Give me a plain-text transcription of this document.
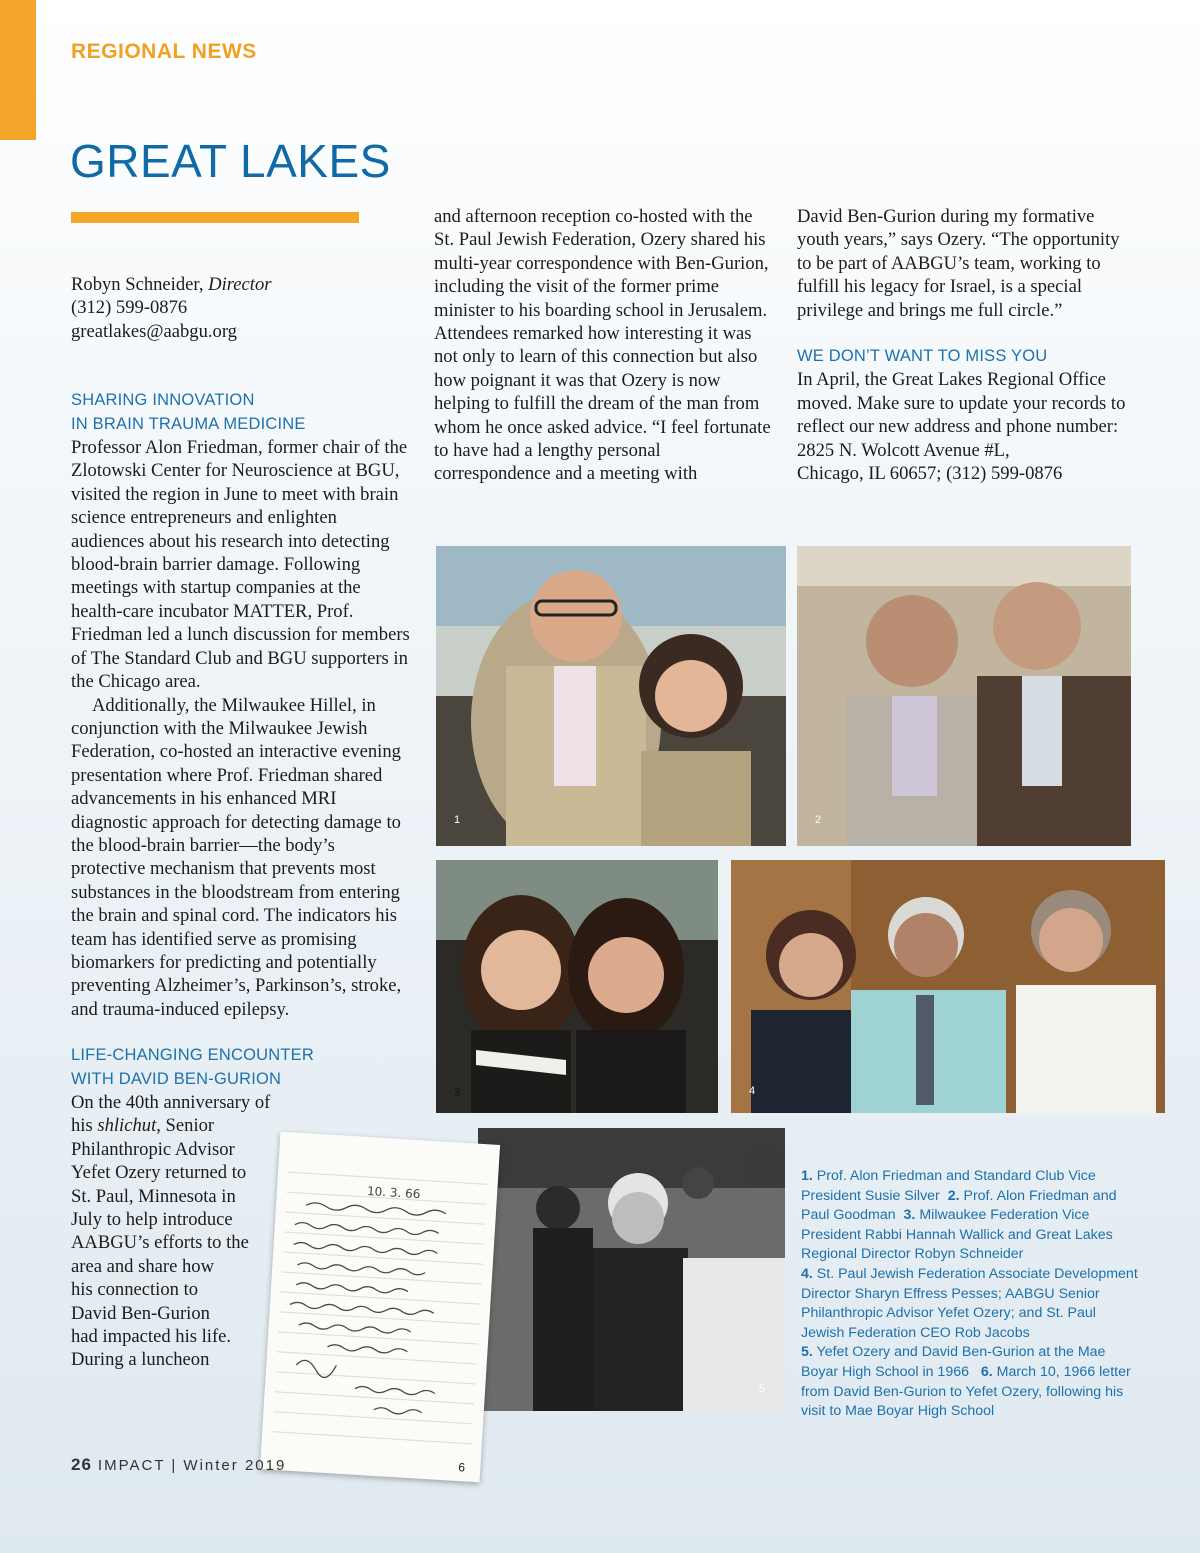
REGIONAL NEWS
GREAT LAKES

Robyn Schneider, Director

(312) 599-0876

greatlakes@aabgu.org

SHARING INNOVATION
IN BRAIN TRAUMA MEDICINE

Professor Alon Friedman, former chair of the Zlotowski Center for Neuroscience at BGU, visited the region in June to meet with brain science entrepreneurs and enlighten audiences about his research into detecting blood-brain barrier damage. Following meetings with startup companies at the health-care incubator MATTER, Prof. Friedman led a lunch discussion for members of The Standard Club and BGU supporters in the Chicago area.

Additionally, the Milwaukee Hillel, in conjunction with the Milwaukee Jewish Federation, co-hosted an interactive evening presentation where Prof. Friedman shared advancements in his enhanced MRI diagnostic approach for detecting damage to the blood-brain barrier—the body’s protective mechanism that prevents most substances in the bloodstream from entering the brain and spinal cord. The indicators his team has identified serve as promising biomarkers for predicting and potentially preventing Alzheimer’s, Parkinson’s, stroke, and trauma-induced epilepsy.

LIFE-CHANGING ENCOUNTER
WITH DAVID BEN-GURION
On the 40th anniversary of
his shlichut, Senior
Philanthropic Advisor
Yefet Ozery returned to
St. Paul, Minnesota in
July to help introduce
AABGU’s efforts to the
area and share how
his connection to
David Ben-Gurion
had impacted his life.
During a luncheon

and afternoon reception co-hosted with the St. Paul Jewish Federation, Ozery shared his multi-year correspondence with Ben-Gurion, including the visit of the former prime minister to his boarding school in Jerusalem. Attendees remarked how interesting it was not only to learn of this connection but also how poignant it was that Ozery is now helping to fulfill the dream of the man from whom he once asked advice. “I feel fortunate to have had a lengthy personal correspondence and a meeting with

David Ben-Gurion during my formative youth years,” says Ozery. “The opportunity to be part of AABGU’s team, working to fulfill his legacy for Israel, is a special privilege and brings me full circle.”

WE DON’T WANT TO MISS YOU

In April, the Great Lakes Regional Office moved. Make sure to update your records to reflect our new address and phone number:

2825 N. Wolcott Avenue #L,

Chicago, IL 60657; (312) 599-0876

1	2
3	4
5
10. 3. 66
6
1. Prof. Alon Friedman and Standard Club Vice President Susie Silver 2. Prof. Alon Friedman and Paul Goodman 3. Milwaukee Federation Vice President Rabbi Hannah Wallick and Great Lakes Regional Director Robyn Schneider
4. St. Paul Jewish Federation Associate Development Director Sharyn Effress Pesses; AABGU Senior Philanthropic Advisor Yefet Ozery; and St. Paul Jewish Federation CEO Rob Jacobs
5. Yefet Ozery and David Ben-Gurion at the Mae Boyar High School in 1966 6. March 10, 1966 letter from David Ben-Gurion to Yefet Ozery, following his visit to Mae Boyar High School
26 IMPACT | Winter 2019
